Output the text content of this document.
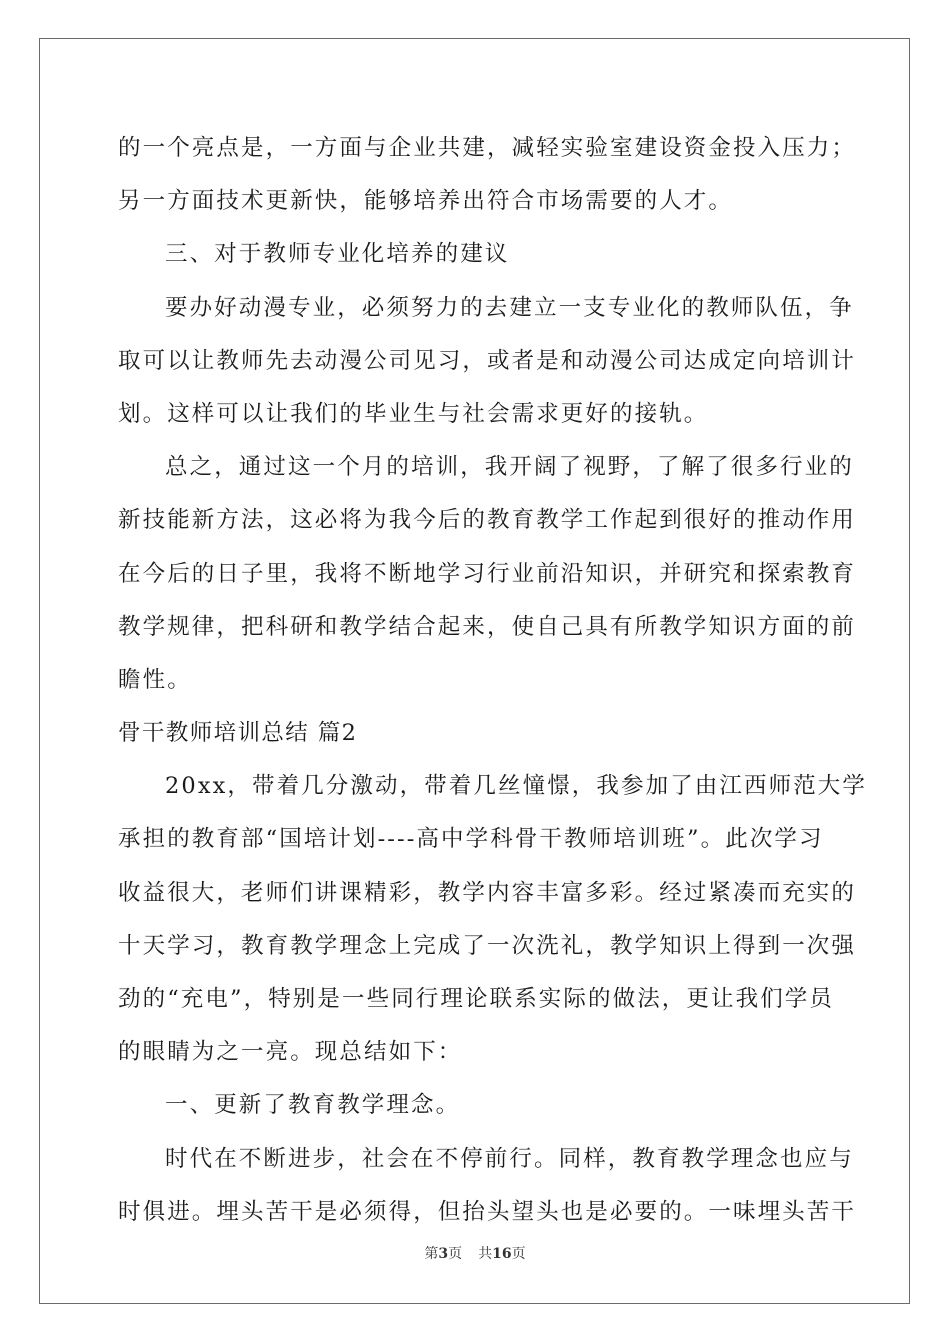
的一个亮点是，一方面与企业共建，减轻实验室建设资金投入压力；
另一方面技术更新快，能够培养出符合市场需要的人才。
三、对于教师专业化培养的建议
要办好动漫专业，必须努力的去建立一支专业化的教师队伍，争
取可以让教师先去动漫公司见习，或者是和动漫公司达成定向培训计
划。这样可以让我们的毕业生与社会需求更好的接轨。
总之，通过这一个月的培训，我开阔了视野，了解了很多行业的
新技能新方法，这必将为我今后的教育教学工作起到很好的推动作用
在今后的日子里，我将不断地学习行业前沿知识，并研究和探索教育
教学规律，把科研和教学结合起来，使自己具有所教学知识方面的前
瞻性。
骨干教师培训总结 篇2
20xx，带着几分激动，带着几丝憧憬，我参加了由江西师范大学
承担的教育部“国培计划----高中学科骨干教师培训班”。此次学习
收益很大，老师们讲课精彩，教学内容丰富多彩。经过紧凑而充实的
十天学习，教育教学理念上完成了一次洗礼，教学知识上得到一次强
劲的“充电”，特别是一些同行理论联系实际的做法，更让我们学员
的眼睛为之一亮。现总结如下：
一、更新了教育教学理念。
时代在不断进步，社会在不停前行。同样，教育教学理念也应与
时俱进。埋头苦干是必须得，但抬头望头也是必要的。一味埋头苦干
第3页 共16页
